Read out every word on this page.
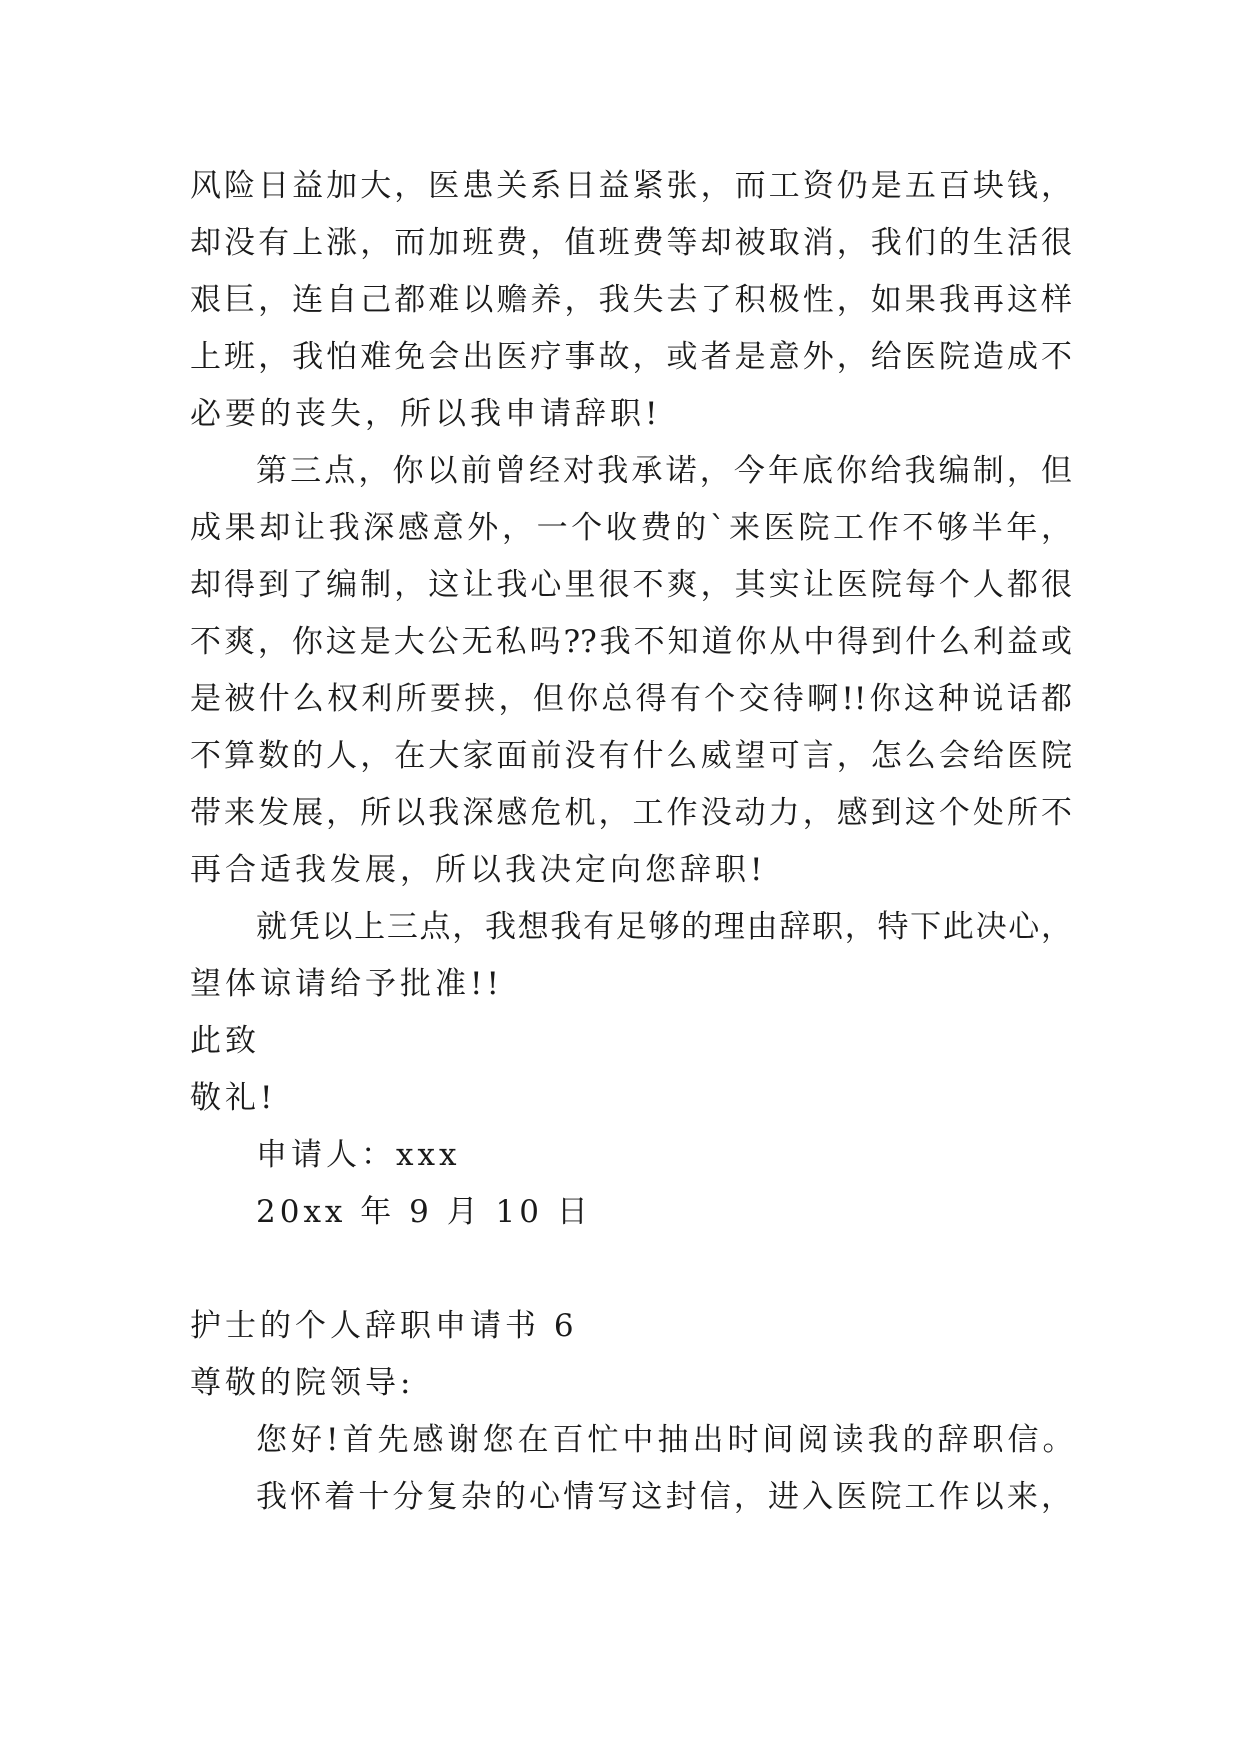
风险日益加大，医患关系日益紧张，而工资仍是五百块钱，
却没有上涨，而加班费，值班费等却被取消，我们的生活很
艰巨，连自己都难以赡养，我失去了积极性，如果我再这样
上班，我怕难免会出医疗事故，或者是意外，给医院造成不
必要的丧失，所以我申请辞职!
第三点，你以前曾经对我承诺，今年底你给我编制，但
成果却让我深感意外，一个收费的`来医院工作不够半年，
却得到了编制，这让我心里很不爽，其实让医院每个人都很
不爽，你这是大公无私吗??我不知道你从中得到什么利益或
是被什么权利所要挟，但你总得有个交待啊!!你这种说话都
不算数的人，在大家面前没有什么威望可言，怎么会给医院
带来发展，所以我深感危机，工作没动力，感到这个处所不
再合适我发展，所以我决定向您辞职!
就凭以上三点，我想我有足够的理由辞职，特下此决心，
望体谅请给予批准!!
此致
敬礼!
申请人：xxx
20xx 年 9 月 10 日
护士的个人辞职申请书 6
尊敬的院领导:
您好!首先感谢您在百忙中抽出时间阅读我的辞职信。
我怀着十分复杂的心情写这封信，进入医院工作以来，
